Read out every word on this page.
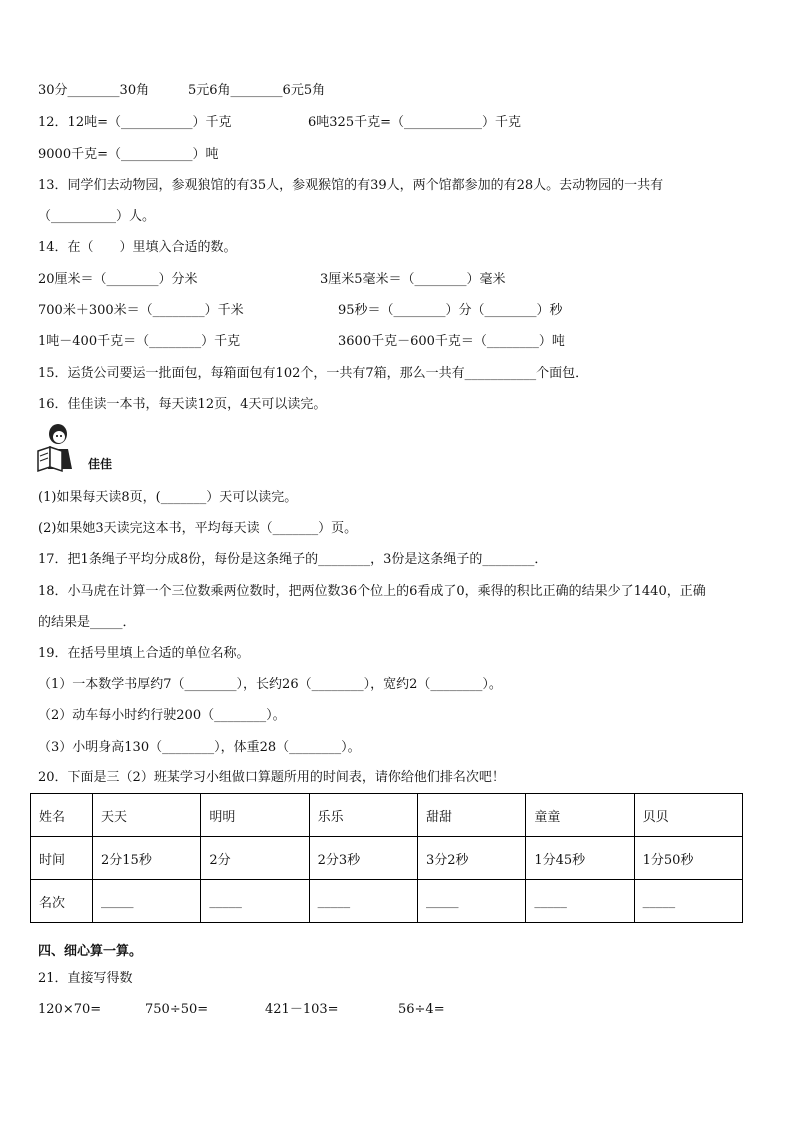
30分________30角	5元6角________6元5角
12．12吨=（___________）千克	6吨325千克=（____________）千克
9000千克=（___________）吨
13．同学们去动物园，参观狼馆的有35人，参观猴馆的有39人，两个馆都参加的有28人。去动物园的一共有
（__________）人。
14．在（　　）里填入合适的数。
20厘米＝（________）分米	3厘米5毫米＝（________）毫米
700米＋300米＝（________）千米	95秒＝（________）分（________）秒
1吨－400千克＝（________）千克	3600千克－600千克＝（________）吨
15．运货公司要运一批面包，每箱面包有102个，一共有7箱，那么一共有___________个面包．
16．佳佳读一本书，每天读12页，4天可以读完。
佳佳
(1)如果每天读8页，(_______）天可以读完。
(2)如果她3天读完这本书，平均每天读（_______）页。
17．把1条绳子平均分成8份，每份是这条绳子的________，3份是这条绳子的________．
18．小马虎在计算一个三位数乘两位数时，把两位数36个位上的6看成了0，乘得的积比正确的结果少了1440，正确
的结果是_____．
19．在括号里填上合适的单位名称。
（1）一本数学书厚约7（________），长约26（________），宽约2（________）。
（2）动车每小时约行驶200（________）。
（3）小明身高130（________），体重28（________）。
20．下面是三（2）班某学习小组做口算题所用的时间表，请你给他们排名次吧！
姓名	天天	明明	乐乐	甜甜	童童	贝贝
时间	2分15秒	2分	2分3秒	3分2秒	1分45秒	1分50秒
名次	_____	_____	_____	_____	_____	_____
四、细心算一算。
21．直接写得数
120×70=	750÷50=	421－103=	56÷4=
